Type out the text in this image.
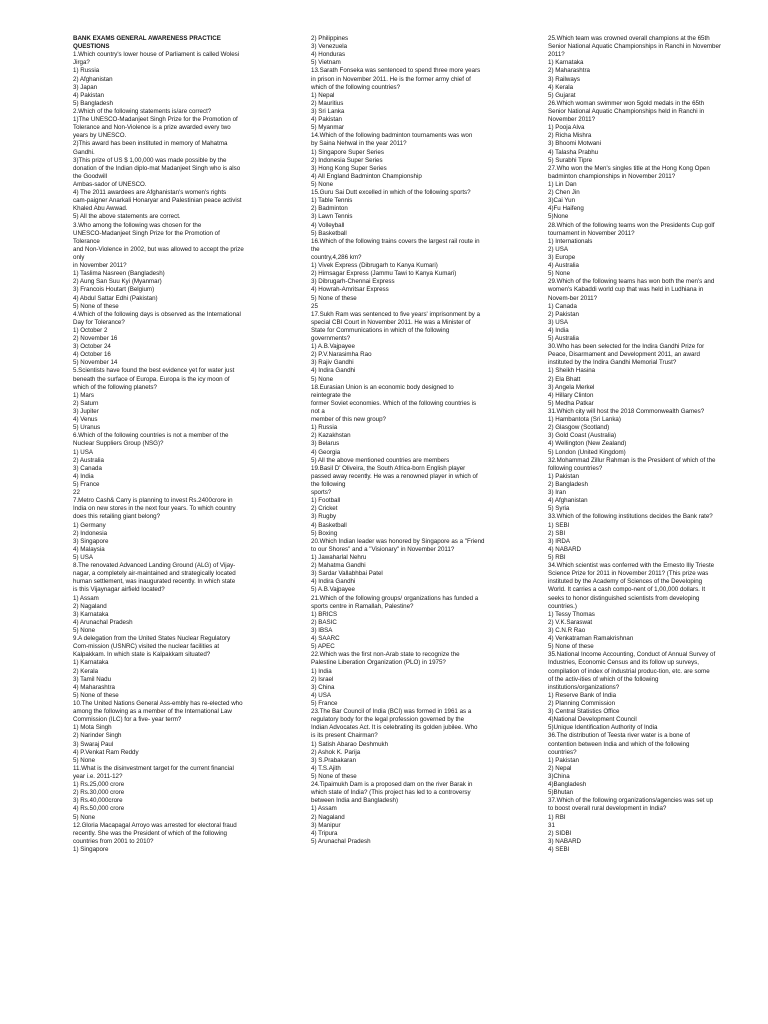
BANK EXAMS GENERAL AWARENESS PRACTICE
QUESTIONS
1.Which country's lower house of Parliament is called Wolesi
Jirga?
1) Russia
2) Afghanistan
3) Japan
4) Pakistan
5) Bangladesh
2.Which of the following statements is/are correct?
1)The UNESCO-Madanjeet Singh Prize for the Promotion of
Tolerance and Non-Violence is a prize awarded every two
years by UNESCO.
2)This award has been instituted in memory of Mahatma
Gandhi.
3)This prize of US $ 1,00,000 was made possible by the
donation of the Indian diplo-mat Madanjeet Singh who is also
the Goodwill
Ambas-sador of UNESCO.
4) The 2011 awardees are Afghanistan's women's rights
cam-paigner Anarkali Honaryar and Palestinian peace activist
Khaled Abu Awwad.
5) All the above statements are correct.
3.Who among the following was chosen for the
UNESCO-Madanjeet Singh Prize for the Promotion of
Tolerance
and Non-Violence in 2002, but was allowed to accept the prize
only
in November 2011?
1) Taslima Nasreen (Bangladesh)
2) Aung San Suu Kyi (Myanmar)
3) Francois Houtart (Belgium)
4) Abdul Sattar Edhi (Pakistan)
5) None of these
4.Which of the following days is observed as the International
Day for Tolerance?
1) October 2
2) November 16
3) October 24
4) October 16
5) November 14
5.Scientists have found the best evidence yet for water just
beneath the surface of Europa. Europa is the icy moon of
which of the following planets?
1) Mars
2) Saturn
3) Jupiter
4) Venus
5) Uranus
6.Which of the following countries is not a member of the
Nuclear Suppliers Group (NSG)?
1) USA
2) Australia
3) Canada
4) India
5) France
22
7.Metro Cash& Carry is planning to invest Rs.2400crore in
India on new stores in the next four years. To which country
does this retailing giant belong?
1) Germany
2) Indonesia
3) Singapore
4) Malaysia
5) USA
8.The renovated Advanced Landing Ground (ALG) of Vijay-
nagar, a completely air-maintained and strategically located
human settlement, was inaugurated recently. In which state
is this Vijaynagar airfield located?
1) Assam
2) Nagaland
3) Karnataka
4) Arunachal Pradesh
5) None
9.A delegation from the United States Nuclear Regulatory
Com-mission (USNRC) visited the nuclear facilities at
Kalpakkam. In which state is Kalpakkam situated?
1) Karnataka
2) Kerala
3) Tamil Nadu
4) Maharashtra
5) None of these
10.The United Nations General Ass-embly has re-elected who
among the following as a member of the International Law
Commission (ILC) for a five- year term?
1) Mota Singh
2) Narinder Singh
3) Swaraj Paul
4) P.Venkat Ram Reddy
5) None
11.What is the disinvestment target for the current financial
year i.e. 2011-12?
1) Rs.25,000 crore
2) Rs.30,000 crore
3) Rs.40,000crore
4) Rs.50,000 crore
5) None
12.Gloria Macapagal Arroyo was arrested for electoral fraud
recently. She was the President of which of the following
countries from 2001 to 2010?
1) Singapore
2) Philippines
3) Venezuela
4) Honduras
5) Vietnam
13.Sarath Fonseka was sentenced to spend three more years
in prison in November 2011. He is the former army chief of
which of the following countries?
1) Nepal
2) Mauritius
3) Sri Lanka
4) Pakistan
5) Myanmar
14.Which of the following badminton tournaments was won
by Saina Nehwal in the year 2011?
1) Singapore Super Series
2) Indonesia Super Series
3) Hong Kong Super Series
4) All England Badminton Championship
5) None
15.Guru Sai Dutt excelled in which of the following sports?
1) Table Tennis
2) Badminton
3) Lawn Tennis
4) Volleyball
5) Basketball
16.Which of the following trains covers the largest rail route in
the
country,4,286 km?
1) Vivek Express (Dibrugarh to Kanya Kumari)
2) Himsagar Express (Jammu Tawi to Kanya Kumari)
3) Dibrugarh-Chennai Express
4) Howrah-Amritsar Express
5) None of these
25
17.Sukh Ram was sentenced to five years' imprisonment by a
special CBI Court in November 2011. He was a Minister of
State for Communications in which of the following
governments?
1) A.B.Vajpayee
2) P.V.Narasimha Rao
3) Rajiv Gandhi
4) Indira Gandhi
5) None
18.Eurasian Union is an economic body designed to
reintegrate the
former Soviet economies. Which of the following countries is
not a
member of this new group?
1) Russia
2) Kazakhstan
3) Belarus
4) Georgia
5) All the above mentioned countries are members
19.Basil D' Oliveira, the South Africa-born English player
passed away recently. He was a renowned player in which of
the following
sports?
1) Football
2) Cricket
3) Rugby
4) Basketball
5) Boxing
20.Which Indian leader was honored by Singapore as a "Friend
to our Shores" and a "Visionary" in November 2011?
1) Jawaharlal Nehru
2) Mahatma Gandhi
3) Sardar Vallabhbai Patel
4) Indira Gandhi
5) A.B.Vajpayee
21.Which of the following groups/ organizations has funded a
sports centre in Ramallah, Palestine?
1) BRICS
2) BASIC
3) IBSA
4) SAARC
5) APEC
22.Which was the first non-Arab state to recognize the
Palestine Liberation Organization (PLO) in 1975?
1) India
2) Israel
3) China
4) USA
5) France
23.The Bar Council of India (BCI) was formed in 1961 as a
regulatory body for the legal profession governed by the
Indian Advocates Act. It is celebrating its golden jubilee. Who
is its present Chairman?
1) Satish Abarao Deshmukh
2) Ashok K. Parija
3) S.Prabakaran
4) T.S.Ajith
5) None of these
24.Tipaimukh Dam is a proposed dam on the river Barak in
which state of India? (This project has led to a controversy
between India and Bangladesh)
1) Assam
2) Nagaland
3) Manipur
4) Tripura
5) Arunachal Pradesh
25.Which team was crowned overall champions at the 65th
Senior National Aquatic Championships in Ranchi in November
2011?
1) Karnataka
2) Maharashtra
3) Railways
4) Kerala
5) Gujarat
26.Which woman swimmer won 5gold medals in the 65th
Senior National Aquatic Championships held in Ranchi in
November 2011?
1) Pooja Alva
2) Richa Mishra
3) Bhoomi Motwani
4) Talasha Prabhu
5) Surabhi Tipre
27.Who won the Men's singles title at the Hong Kong Open
badminton championships in November 2011?
1) Lin Dan
2) Chen Jin
3)Cai Yun
4)Fu Haifeng
5)None
28.Which of the following teams won the Presidents Cup golf
tournament in November 2011?
1) Internationals
2) USA
3) Europe
4) Australia
5) None
29.Which of the following teams has won both the men's and
women's Kabaddi world cup that was held in Ludhiana in
Novem-ber 2011?
1) Canada
2) Pakistan
3) USA
4) India
5) Australia
30.Who has been selected for the Indira Gandhi Prize for
Peace, Disarmament and Development 2011, an award
instituted by the Indira Gandhi Memorial Trust?
1) Sheikh Hasina
2) Ela Bhatt
3) Angela Merkel
4) Hillary Clinton
5) Medha Patkar
31.Which city will host the 2018 Commonwealth Games?
1) Hambantota (Sri Lanka)
2) Glasgow (Scotland)
3) Gold Coast (Australia)
4) Wellington (New Zealand)
5) London (United Kingdom)
32.Mohammad Zillur Rahman is the President of which of the
following countries?
1) Pakistan
2) Bangladesh
3) Iran
4) Afghanistan
5) Syria
33.Which of the following institutions decides the Bank rate?
1) SEBI
2) SBI
3) IRDA
4) NABARD
5) RBI
34.Which scientist was conferred with the Ernesto Illy Trieste
Science Prize for 2011 in November 2011? (This prize was
instituted by the Academy of Sciences of the Developing
World. It carries a cash compo-nent of 1,00,000 dollars. It
seeks to honor distinguished scientists from developing
countries.)
1) Tessy Thomas
2) V.K.Saraswat
3) C.N.R Rao
4) Venkatraman Ramakrishnan
5) None of these
35.National Income Accounting, Conduct of Annual Survey of
Industries, Economic Census and its follow up surveys,
compilation of index of industrial produc-tion, etc. are some
of the activ-ities of which of the following
institutions/organizations?
1) Reserve Bank of India
2) Planning Commission
3) Central Statistics Office
4)National Development Council
5)Unique Identification Authority of India
36.The distribution of Teesta river water is a bone of
contention between India and which of the following
countries?
1) Pakistan
2) Nepal
3)China
4)Bangladesh
5)Bhutan
37.Which of the following organizations/agencies was set up
to boost overall rural development in India?
1) RBI
31
2) SIDBI
3) NABARD
4) SEBI
